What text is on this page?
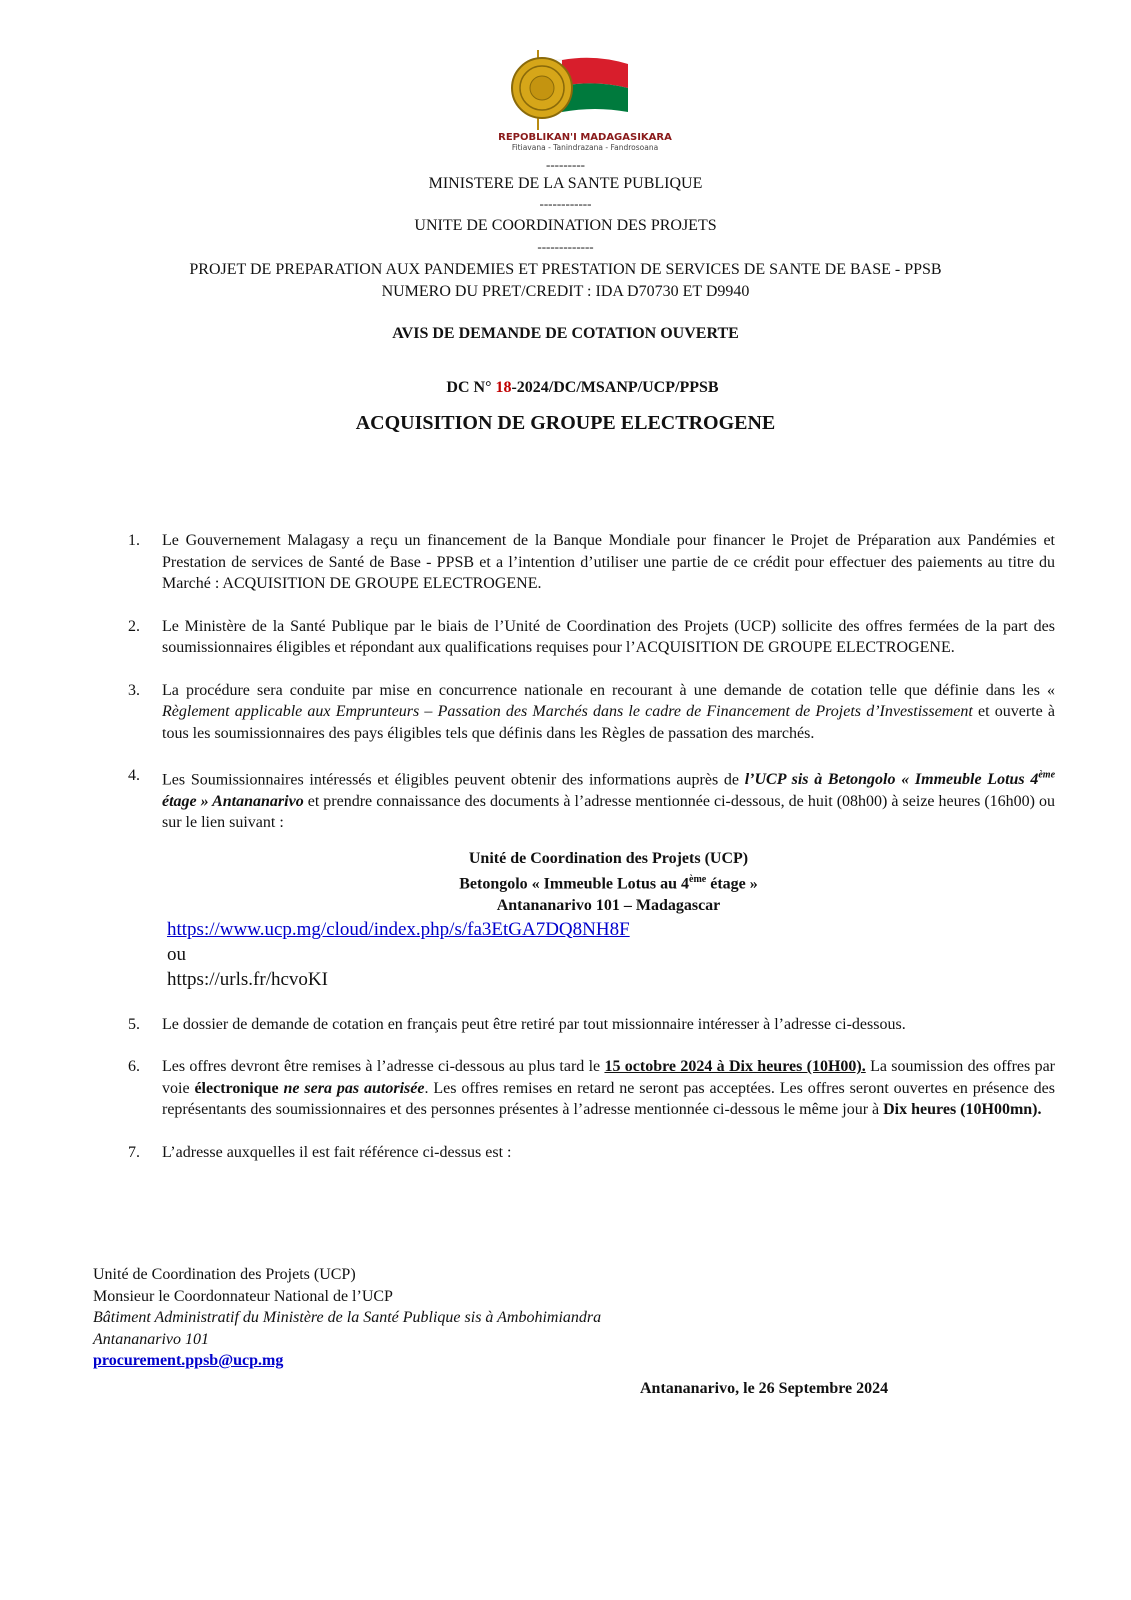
REPOBLIKAN'I MADAGASIKARA
Fitiavana - Tanindrazana - Fandrosoana
---------
MINISTERE DE LA SANTE PUBLIQUE
------------
UNITE DE COORDINATION DES PROJETS
-------------
PROJET DE PREPARATION AUX PANDEMIES ET PRESTATION DE SERVICES DE SANTE DE BASE - PPSB
NUMERO DU PRET/CREDIT : IDA D70730 ET D9940
AVIS DE DEMANDE DE COTATION OUVERTE
DC N° 18-2024/DC/MSANP/UCP/PPSB
ACQUISITION DE GROUPE ELECTROGENE
1. Le Gouvernement Malagasy a reçu un financement de la Banque Mondiale pour financer le Projet de Préparation aux Pandémies et Prestation de services de Santé de Base - PPSB et a l’intention d’utiliser une partie de ce crédit pour effectuer des paiements au titre du Marché : ACQUISITION DE GROUPE ELECTROGENE.
2. Le Ministère de la Santé Publique par le biais de l’Unité de Coordination des Projets (UCP) sollicite des offres fermées de la part des soumissionnaires éligibles et répondant aux qualifications requises pour l’ACQUISITION DE GROUPE ELECTROGENE.
3. La procédure sera conduite par mise en concurrence nationale en recourant à une demande de cotation telle que définie dans les « Règlement applicable aux Emprunteurs – Passation des Marchés dans le cadre de Financement de Projets d’Investissement et ouverte à tous les soumissionnaires des pays éligibles tels que définis dans les Règles de passation des marchés.
4. Les Soumissionnaires intéressés et éligibles peuvent obtenir des informations auprès de l’UCP sis à Betongolo « Immeuble Lotus 4ème étage » Antananarivo et prendre connaissance des documents à l’adresse mentionnée ci-dessous, de huit (08h00) à seize heures (16h00) ou sur le lien suivant :
Unité de Coordination des Projets (UCP)
Betongolo « Immeuble Lotus au 4ème étage »
Antananarivo 101 – Madagascar
https://www.ucp.mg/cloud/index.php/s/fa3EtGA7DQ8NH8F
ou
https://urls.fr/hcvoKI
5. Le dossier de demande de cotation en français peut être retiré par tout missionnaire intéresser à l’adresse ci-dessous.
6. Les offres devront être remises à l’adresse ci-dessous au plus tard le 15 octobre 2024 à Dix heures (10H00). La soumission des offres par voie électronique ne sera pas autorisée. Les offres remises en retard ne seront pas acceptées. Les offres seront ouvertes en présence des représentants des soumissionnaires et des personnes présentes à l’adresse mentionnée ci-dessous le même jour à Dix heures (10H00mn).
7. L’adresse auxquelles il est fait référence ci-dessus est :
Unité de Coordination des Projets (UCP)
Monsieur le Coordonnateur National de l’UCP
Bâtiment Administratif du Ministère de la Santé Publique sis à Ambohimiandra
Antananarivo 101
procurement.ppsb@ucp.mg
Antananarivo, le 26 Septembre 2024
